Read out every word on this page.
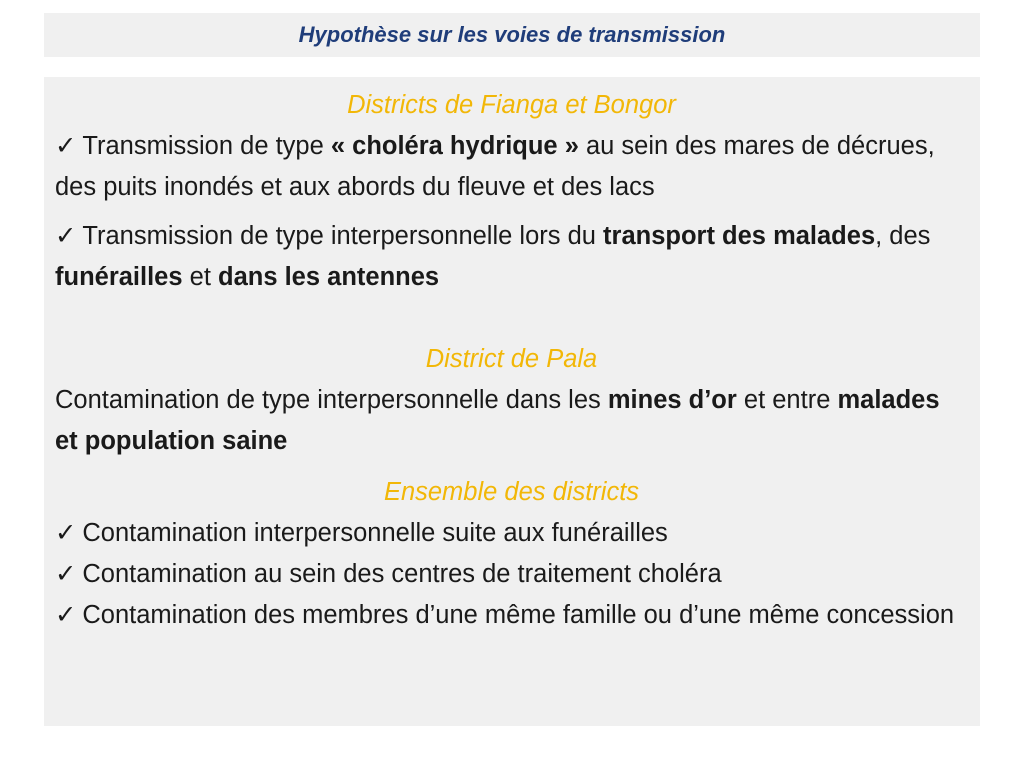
Hypothèse sur les voies de transmission
Districts de Fianga et Bongor

✓ Transmission de type « choléra hydrique » au sein des mares de décrues, des puits inondés et aux abords du fleuve et des lacs

✓ Transmission de type interpersonnelle lors du transport des malades, des funérailles et dans les antennes

District de Pala

Contamination de type interpersonnelle dans les mines d’or et entre malades et population saine

Ensemble des districts

✓ Contamination interpersonnelle suite aux funérailles

✓ Contamination au sein des centres de traitement choléra

✓ Contamination des membres d’une même famille ou d’une même concession
